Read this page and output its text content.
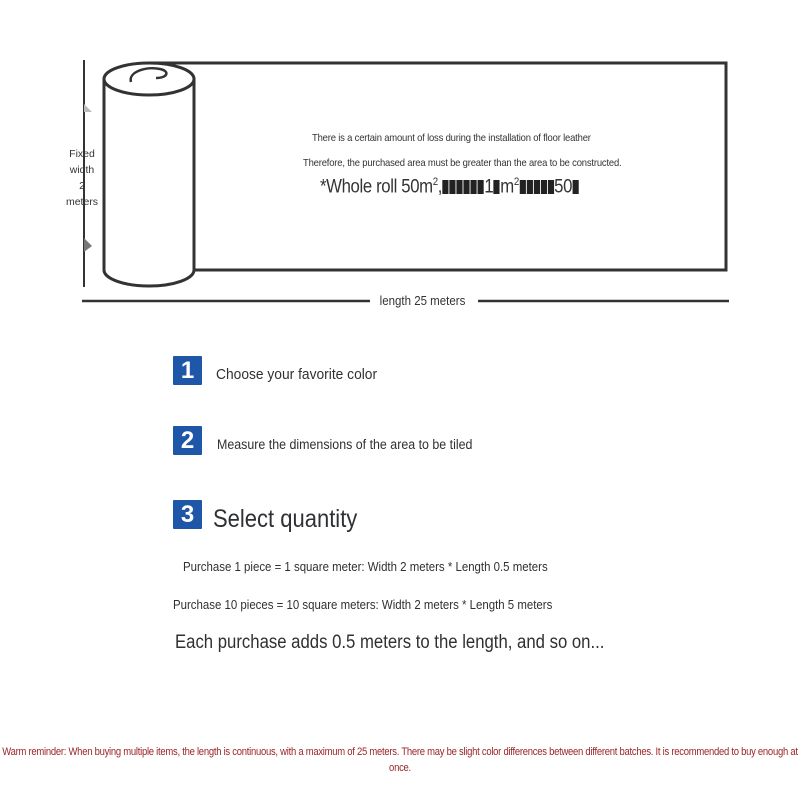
There is a certain amount of loss during the installation of floor leather
Therefore, the purchased area must be greater than the area to be constructed.
*Whole roll $50m^2$, 1 $m^2$ 50
Fixed
width
2
meters
length 25 meters
1	Choose your favorite color
2	Measure the dimensions of the area to be tiled
3 Select quantity
Purchase 1 piece = 1 square meter: Width 2 meters * Length 0.5 meters
Purchase 10 pieces = 10 square meters: Width 2 meters * Length 5 meters
Each purchase adds 0.5 meters to the length, and so on...
Warm reminder: When buying multiple items, the length is continuous, with a maximum of 25 meters. There may be slight color differences between different batches. It is recommended to buy enough at once.
